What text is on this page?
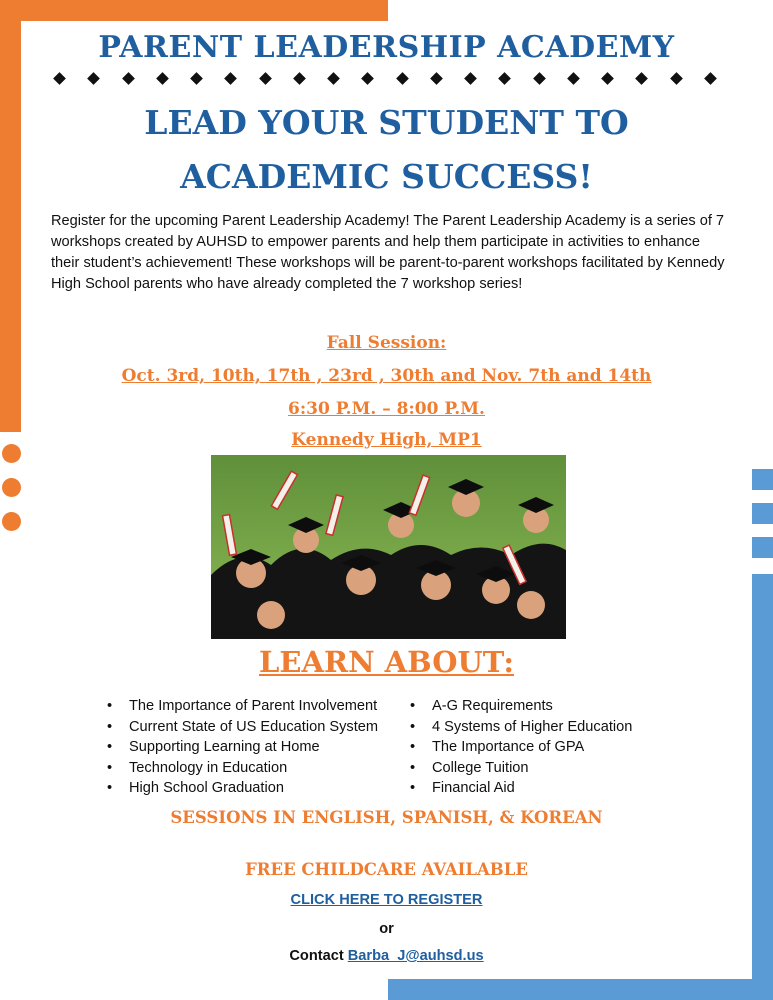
PARENT LEADERSHIP ACADEMY
LEAD YOUR STUDENT TO
ACADEMIC SUCCESS!

Register for the upcoming Parent Leadership Academy! The Parent Leadership Academy is a series of 7 workshops created by AUHSD to empower parents and help them participate in activities to enhance their student’s achievement! These workshops will be parent-to-parent workshops facilitated by Kennedy High School parents who have already completed the 7 workshop series!

Fall Session:
Oct. 3rd, 10th, 17th , 23rd , 30th and Nov. 7th and 14th
6:30 P.M. – 8:00 P.M.
Kennedy High, MP1
LEARN ABOUT:
• The Importance of Parent Involvement
• Current State of US Education System
• Supporting Learning at Home
• Technology in Education
• High School Graduation
• A-G Requirements
• 4 Systems of Higher Education
• The Importance of GPA
• College Tuition
• Financial Aid
SESSIONS IN ENGLISH, SPANISH, & KOREAN
FREE CHILDCARE AVAILABLE
CLICK HERE TO REGISTER
or
Contact Barba_J@auhsd.us
